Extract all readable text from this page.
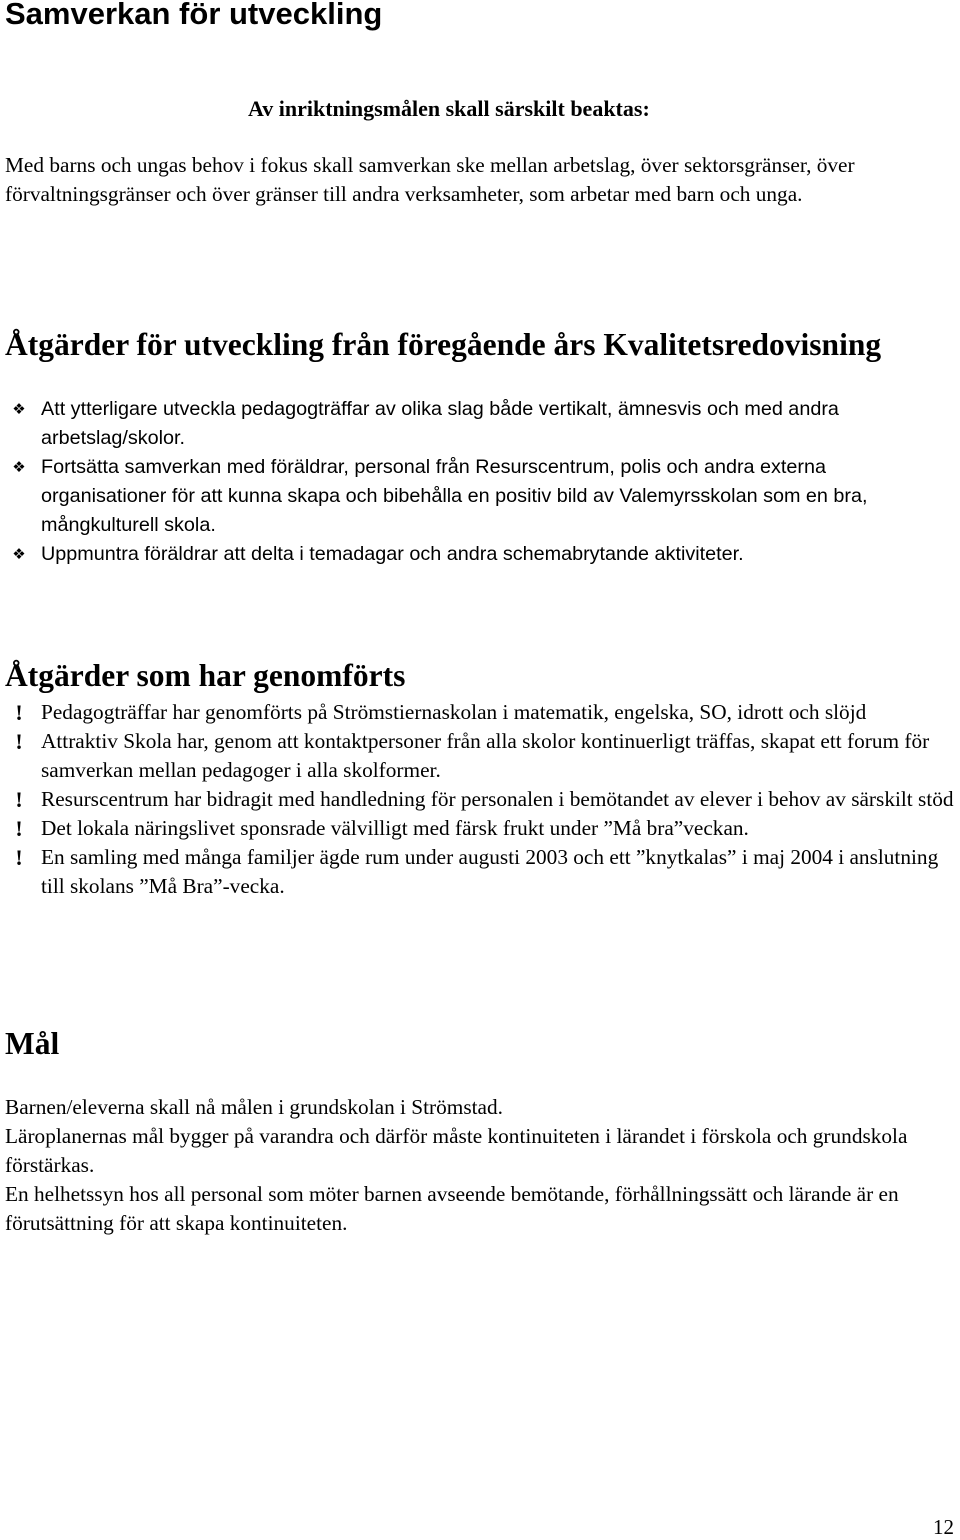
Samverkan för utveckling

Av inriktningsmålen skall särskilt beaktas:

Med barns och ungas behov i fokus skall samverkan ske mellan arbetslag, över sektorsgränser, över förvaltningsgränser och över gränser till andra verksamheter, som arbetar med barn och unga.

Åtgärder för utveckling från föregående års Kvalitetsredovisning
❖ Att ytterligare utveckla pedagogträffar av olika slag både vertikalt, ämnesvis och med andra arbetslag/skolor.
❖ Fortsätta samverkan med föräldrar, personal från Resurscentrum, polis och andra externa organisationer för att kunna skapa och bibehålla en positiv bild av Valemyrsskolan som en bra, mångkulturell skola.
❖ Uppmuntra föräldrar att delta i temadagar och andra schemabrytande aktiviteter.
Åtgärder som har genomförts
! Pedagogträffar har genomförts på Strömstiernaskolan i matematik, engelska, SO, idrott och slöjd
! Attraktiv Skola har, genom att kontaktpersoner från alla skolor kontinuerligt träffas, skapat ett forum för samverkan mellan pedagoger i alla skolformer.
! Resurscentrum har bidragit med handledning för personalen i bemötandet av elever i behov av särskilt stöd
! Det lokala näringslivet sponsrade välvilligt med färsk frukt under ”Må bra”veckan.
! En samling med många familjer ägde rum under augusti 2003 och ett ”knytkalas” i maj 2004 i anslutning till skolans ”Må Bra”-vecka.
Mål

Barnen/eleverna skall nå målen i grundskolan i Strömstad.

Läroplanernas mål bygger på varandra och därför måste kontinuiteten i lärandet i förskola och grundskola förstärkas.

En helhetssyn hos all personal som möter barnen avseende bemötande, förhållningssätt och lärande är en förutsättning för att skapa kontinuiteten.

12
